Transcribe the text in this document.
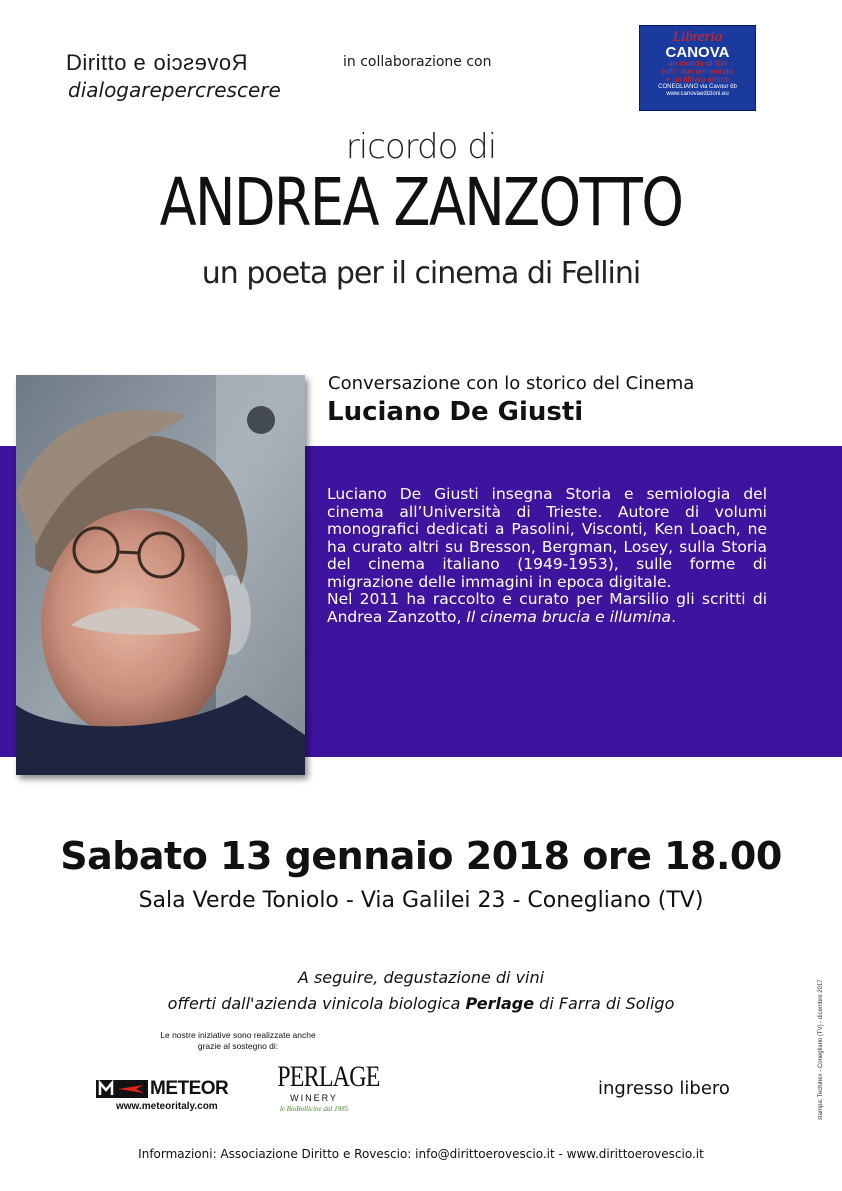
Diritto e Rovescio
dialogarepercrescere
in collaborazione con
Libreria
CANOVA
un mondo di libri
tutti i libri del mondo
e un libraio amico
CONEGLIANO via Cavour 6b
www.canovaedizioni.eu
ricordo di
ANDREA ZANZOTTO
un poeta per il cinema di Fellini
Conversazione con lo storico del Cinema
Luciano De Giusti

Luciano De Giusti insegna Storia e semiologia del cinema all’Università di Trieste. Autore di volumi monografici dedicati a Pasolini, Visconti, Ken Loach, ne ha curato altri su Bresson, Bergman, Losey, sulla Storia del cinema italiano (1949-1953), sulle forme di migrazione delle immagini in epoca digitale.

Nel 2011 ha raccolto e curato per Marsilio gli scritti di Andrea Zanzotto, Il cinema brucia e illumina.

Sabato 13 gennaio 2018 ore 18.00
Sala Verde Toniolo - Via Galilei 23 - Conegliano (TV)
A seguire, degustazione di vini
offerti dall'azienda vinicola biologica Perlage di Farra di Soligo
Le nostre iniziative sono realizzate anche grazie al sostegno di:
METEOR
www.meteoritaly.com
PERLAGE
WINERY
le BioBollicine dal 1985
ingresso libero
Informazioni: Associazione Diritto e Rovescio: info@dirittoerovescio.it - www.dirittoerovescio.it
stampa: Techinex - Conegliano (TV) - dicembre 2017
